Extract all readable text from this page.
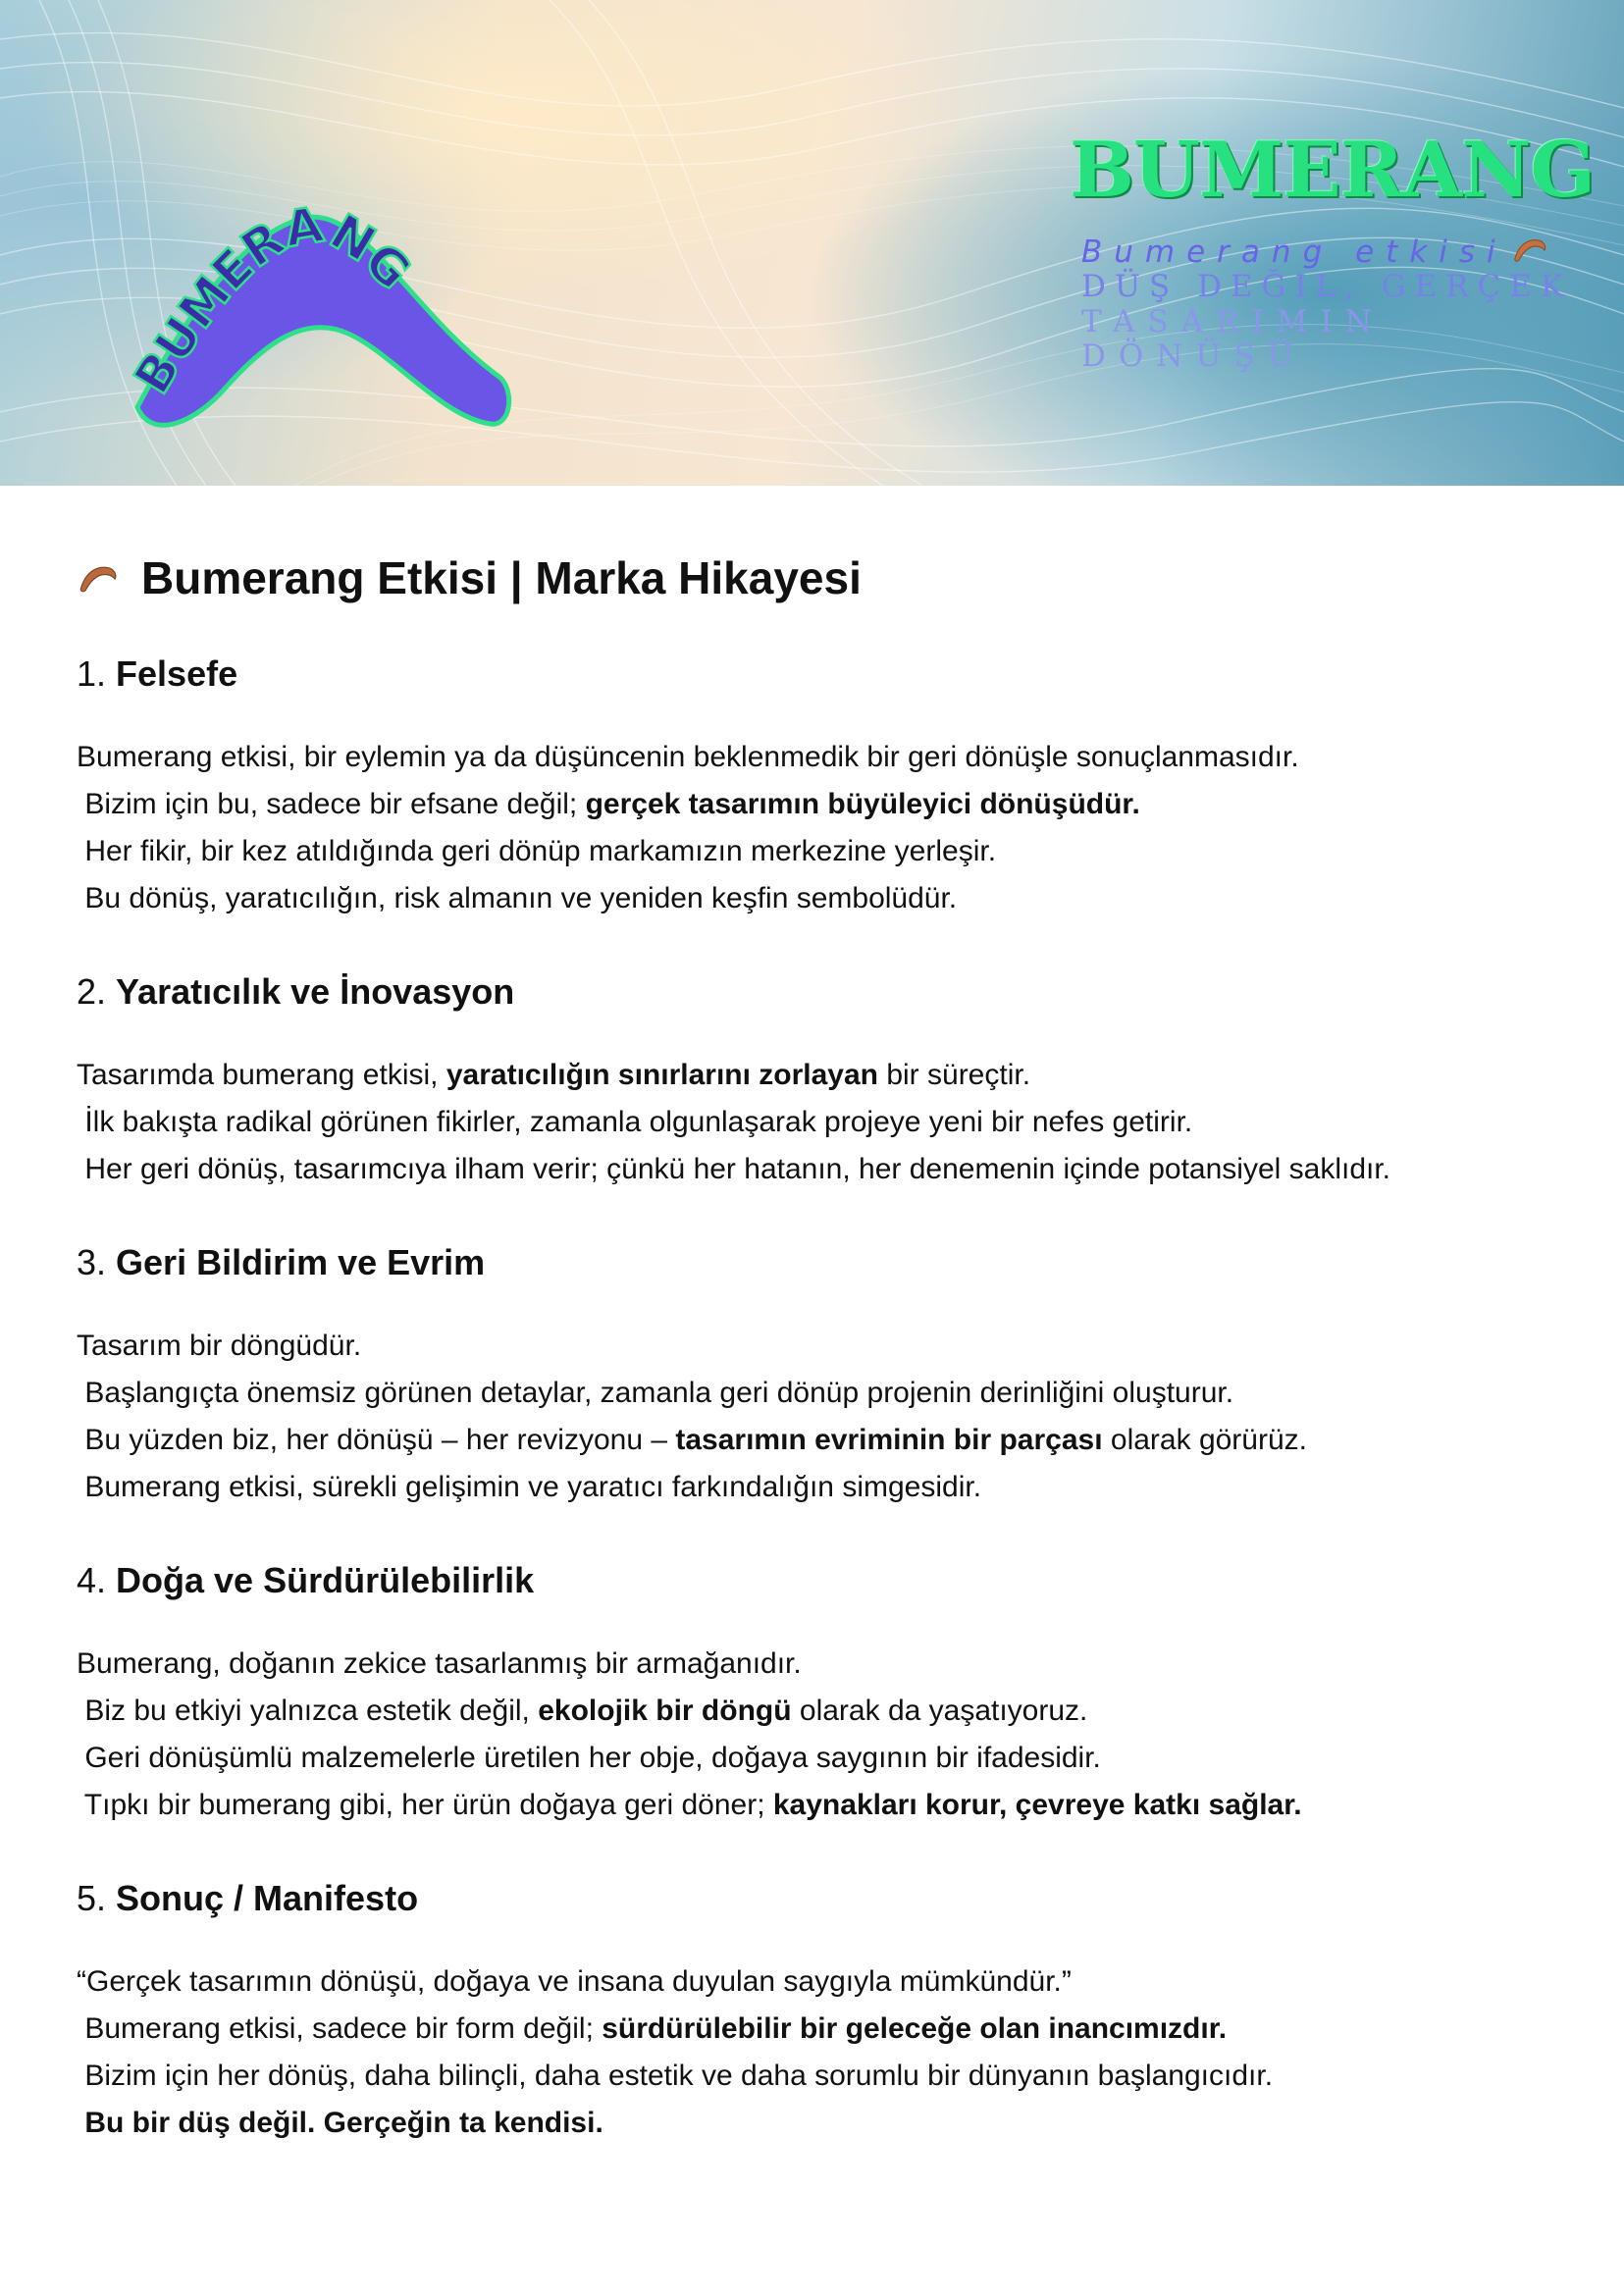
BUMERANG
BUMERANG
Bumerang etkisi
DÜŞ DEĞIL, GERÇEK
TASARIMIN DÖNÜŞÜ
Bumerang Etkisi | Marka Hikayesi
1. Felsefe

Bumerang etkisi, bir eylemin ya da düşüncenin beklenmedik bir geri dönüşle sonuçlanmasıdır.

Bizim için bu, sadece bir efsane değil; gerçek tasarımın büyüleyici dönüşüdür.

Her fikir, bir kez atıldığında geri dönüp markamızın merkezine yerleşir.

Bu dönüş, yaratıcılığın, risk almanın ve yeniden keşfin sembolüdür.

2. Yaratıcılık ve İnovasyon

Tasarımda bumerang etkisi, yaratıcılığın sınırlarını zorlayan bir süreçtir.

İlk bakışta radikal görünen fikirler, zamanla olgunlaşarak projeye yeni bir nefes getirir.

Her geri dönüş, tasarımcıya ilham verir; çünkü her hatanın, her denemenin içinde potansiyel saklıdır.

3. Geri Bildirim ve Evrim

Tasarım bir döngüdür.

Başlangıçta önemsiz görünen detaylar, zamanla geri dönüp projenin derinliğini oluşturur.

Bu yüzden biz, her dönüşü – her revizyonu – tasarımın evriminin bir parçası olarak görürüz.

Bumerang etkisi, sürekli gelişimin ve yaratıcı farkındalığın simgesidir.

4. Doğa ve Sürdürülebilirlik

Bumerang, doğanın zekice tasarlanmış bir armağanıdır.

Biz bu etkiyi yalnızca estetik değil, ekolojik bir döngü olarak da yaşatıyoruz.

Geri dönüşümlü malzemelerle üretilen her obje, doğaya saygının bir ifadesidir.

Tıpkı bir bumerang gibi, her ürün doğaya geri döner; kaynakları korur, çevreye katkı sağlar.

5. Sonuç / Manifesto

“Gerçek tasarımın dönüşü, doğaya ve insana duyulan saygıyla mümkündür.”

Bumerang etkisi, sadece bir form değil; sürdürülebilir bir geleceğe olan inancımızdır.

Bizim için her dönüş, daha bilinçli, daha estetik ve daha sorumlu bir dünyanın başlangıcıdır.

Bu bir düş değil. Gerçeğin ta kendisi.
